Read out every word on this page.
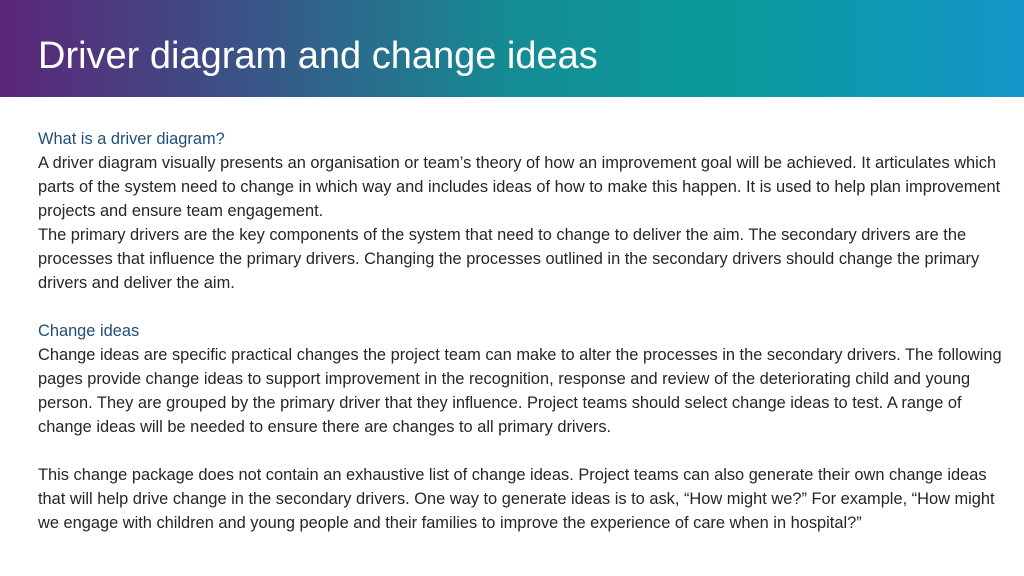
Driver diagram and change ideas

What is a driver diagram?

A driver diagram visually presents an organisation or team’s theory of how an improvement goal will be achieved. It articulates which parts of the system need to change in which way and includes ideas of how to make this happen. It is used to help plan improvement projects and ensure team engagement.

The primary drivers are the key components of the system that need to change to deliver the aim. The secondary drivers are the processes that influence the primary drivers. Changing the processes outlined in the secondary drivers should change the primary drivers and deliver the aim.

Change ideas

Change ideas are specific practical changes the project team can make to alter the processes in the secondary drivers. The following pages provide change ideas to support improvement in the recognition, response and review of the deteriorating child and young person. They are grouped by the primary driver that they influence. Project teams should select change ideas to test. A range of change ideas will be needed to ensure there are changes to all primary drivers.

This change package does not contain an exhaustive list of change ideas. Project teams can also generate their own change ideas that will help drive change in the secondary drivers. One way to generate ideas is to ask, “How might we?” For example, “How might we engage with children and young people and their families to improve the experience of care when in hospital?”
